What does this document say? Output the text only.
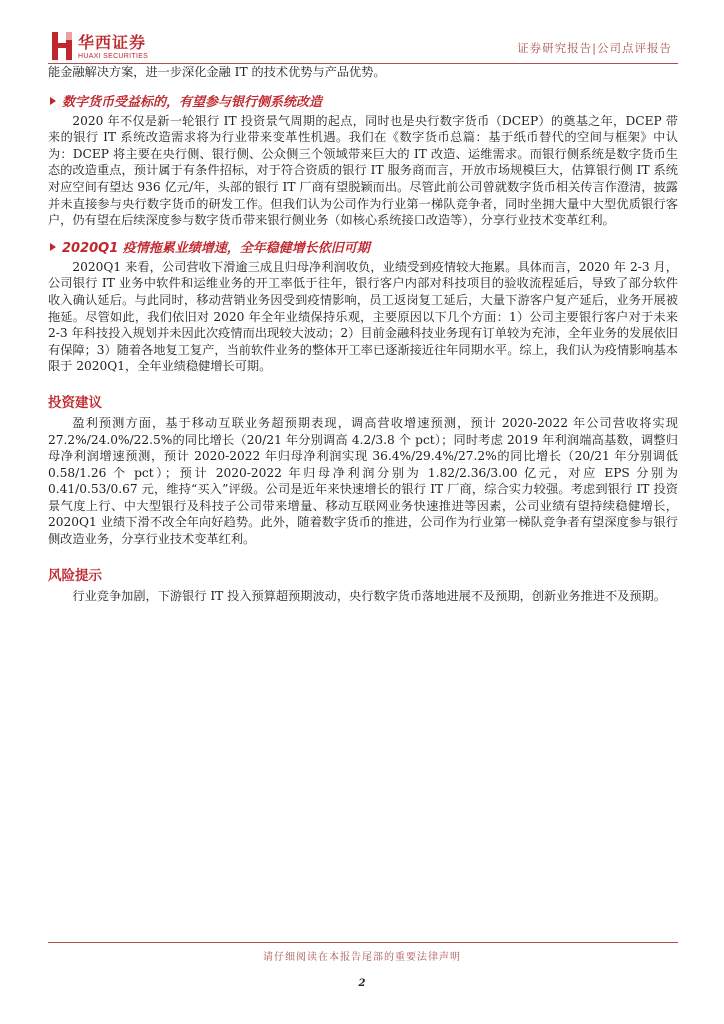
华西证券
HUAXI SECURITIES
证券研究报告|公司点评报告

能金融解决方案，进一步深化金融 IT 的技术优势与产品优势。

数字货币受益标的，有望参与银行侧系统改造

2020 年不仅是新一轮银行 IT 投资景气周期的起点，同时也是央行数字货币（DCEP）的奠基之年，DCEP 带来的银行 IT 系统改造需求将为行业带来变革性机遇。我们在《数字货币总篇：基于纸币替代的空间与框架》中认为：DCEP 将主要在央行侧、银行侧、公众侧三个领域带来巨大的 IT 改造、运维需求。而银行侧系统是数字货币生态的改造重点，预计属于有条件招标，对于符合资质的银行 IT 服务商而言，开放市场规模巨大，估算银行侧 IT 系统对应空间有望达 936 亿元/年，头部的银行 IT 厂商有望脱颖而出。尽管此前公司曾就数字货币相关传言作澄清，披露并未直接参与央行数字货币的研发工作。但我们认为公司作为行业第一梯队竞争者，同时坐拥大量中大型优质银行客户，仍有望在后续深度参与数字货币带来银行侧业务（如核心系统接口改造等），分享行业技术变革红利。

2020Q1 疫情拖累业绩增速，全年稳健增长依旧可期

2020Q1 来看，公司营收下滑逾三成且归母净利润收负，业绩受到疫情较大拖累。具体而言，2020 年 2-3 月，公司银行 IT 业务中软件和运维业务的开工率低于往年，银行客户内部对科技项目的验收流程延后，导致了部分软件收入确认延后。与此同时，移动营销业务因受到疫情影响，员工返岗复工延后，大量下游客户复产延后，业务开展被拖延。尽管如此，我们依旧对 2020 年全年业绩保持乐观，主要原因以下几个方面：1）公司主要银行客户对于未来 2-3 年科技投入规划并未因此次疫情而出现较大波动；2）目前金融科技业务现有订单较为充沛，全年业务的发展依旧有保障；3）随着各地复工复产，当前软件业务的整体开工率已逐渐接近往年同期水平。综上，我们认为疫情影响基本限于 2020Q1，全年业绩稳健增长可期。

投资建议

盈利预测方面，基于移动互联业务超预期表现，调高营收增速预测，预计 2020-2022 年公司营收将实现 27.2%/24.0%/22.5%的同比增长（20/21 年分别调高 4.2/3.8 个 pct）；同时考虑 2019 年利润端高基数，调整归母净利润增速预测，预计 2020-2022 年归母净利润实现 36.4%/29.4%/27.2%的同比增长（20/21 年分别调低 0.58/1.26 个 pct）；预计 2020-2022 年归母净利润分别为 1.82/2.36/3.00 亿元，对应 EPS 分别为 0.41/0.53/0.67 元，维持“买入”评级。公司是近年来快速增长的银行 IT 厂商，综合实力较强。考虑到银行 IT 投资景气度上行、中大型银行及科技子公司带来增量、移动互联网业务快速推进等因素，公司业绩有望持续稳健增长，2020Q1 业绩下滑不改全年向好趋势。此外，随着数字货币的推进，公司作为行业第一梯队竞争者有望深度参与银行侧改造业务，分享行业技术变革红利。

风险提示

行业竞争加剧，下游银行 IT 投入预算超预期波动，央行数字货币落地进展不及预期，创新业务推进不及预期。

请仔细阅读在本报告尾部的重要法律声明
2
